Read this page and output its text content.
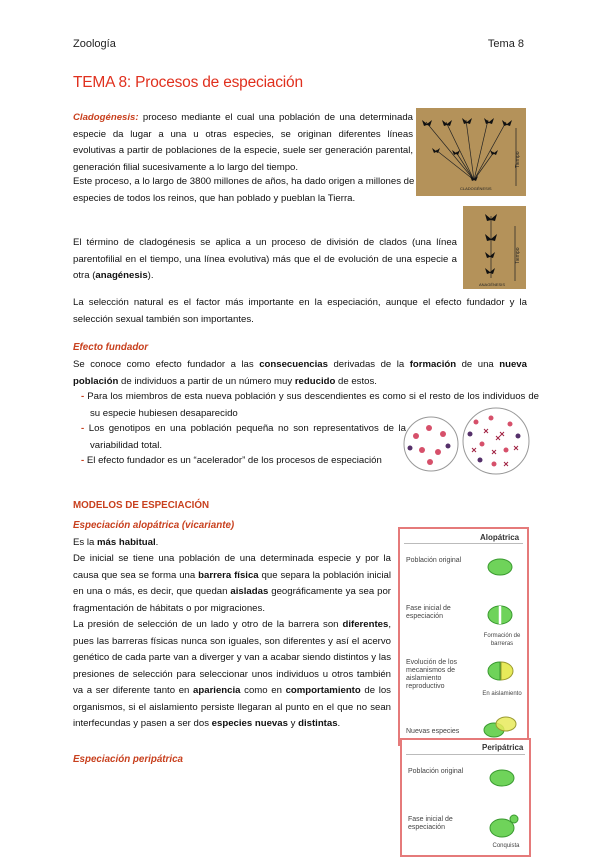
Zoología	Tema 8
TEMA 8: Procesos de especiación
Cladogénesis: proceso mediante el cual una población de una determinada especie da lugar a una u otras especies, se originan diferentes líneas evolutivas a partir de poblaciones de la especie, suele ser generación parental, generación filial sucesivamente a lo largo del tiempo.
Este proceso, a lo largo de 3800 millones de años, ha dado origen a millones de especies de todos los reinos, que han poblado y pueblan la Tierra.
CLADOGÉNESIS
Tiempo
ANAGÉNESIS
Tiempo
El término de cladogénesis se aplica a un proceso de división de clados (una línea parentofilial en el tiempo, una línea evolutiva) más que el de evolución de una especie a otra (anagénesis).
La selección natural es el factor más importante en la especiación, aunque el efecto fundador y la selección sexual también son importantes.
Efecto fundador
Se conoce como efecto fundador a las consecuencias derivadas de la formación de una nueva población de individuos a partir de un número muy reducido de estos.
- Para los miembros de esta nueva población y sus descendientes es como si el resto de los individuos de su especie hubiesen desaparecido
- Los genotipos en una población pequeña no son representativos de la variabilidad total.
- El efecto fundador es un “acelerador” de los procesos de especiación
MODELOS DE ESPECIACIÓN
Especiación alopátrica (vicariante)
Es la más habitual.
De inicial se tiene una población de una determinada especie y por la causa que sea se forma una barrera física que separa la población inicial en una o más, es decir, que quedan aisladas geográficamente ya sea por fragmentación de hábitats o por migraciones.
La presión de selección de un lado y otro de la barrera son diferentes, pues las barreras físicas nunca son iguales, son diferentes y así el acervo genético de cada parte van a diverger y van a acabar siendo distintos y las presiones de selección para seleccionar unos individuos u otros también va a ser diferente tanto en apariencia como en comportamiento de los organismos, si el aislamiento persiste llegaran al punto en el que no sean interfecundas y pasen a ser dos especies nuevas y distintas.
Especiación peripátrica
Alopátrica
Población original
Fase inicial de especiación
Evolución de los mecanismos de aislamiento reproductivo
Nuevas especies
Formación de barreras
En aislamiento
Peripátrica
Población original
Fase inicial de especiación
Conquista
